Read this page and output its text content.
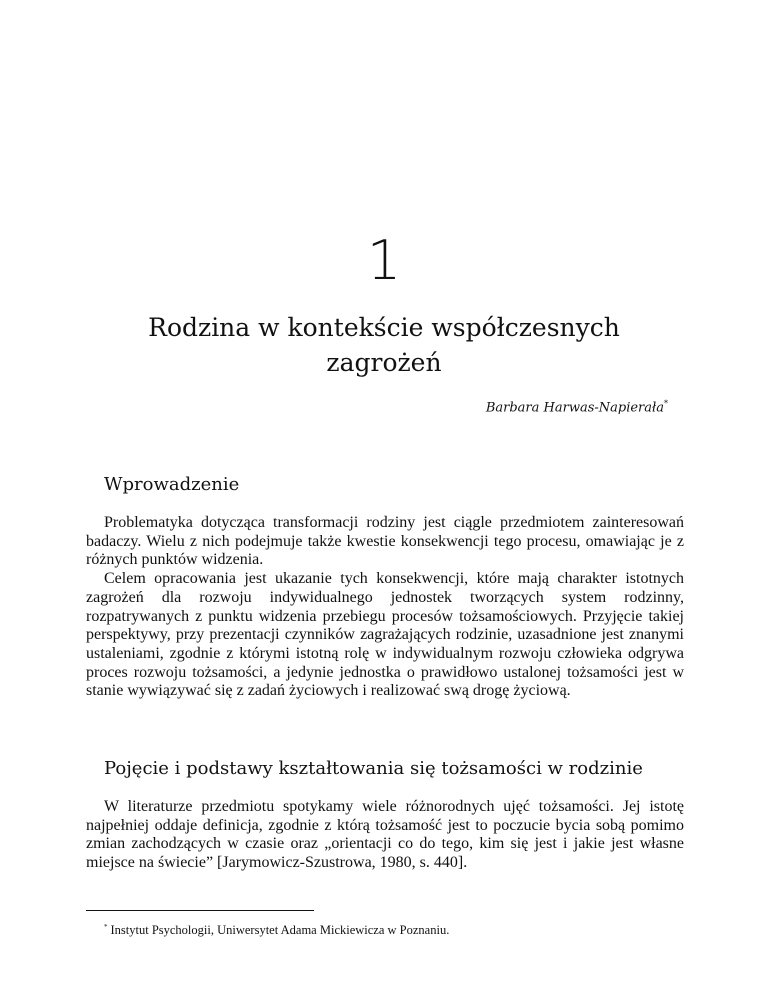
1
Rodzina w kontekście współczesnych zagrożeń
Barbara Harwas-Napierała*
Wprowadzenie

Problematyka dotycząca transformacji rodziny jest ciągle przedmiotem zainteresowań badaczy. Wielu z nich podejmuje także kwestie konsekwencji tego procesu, omawiając je z różnych punktów widzenia.

Celem opracowania jest ukazanie tych konsekwencji, które mają charakter istotnych zagrożeń dla rozwoju indywidualnego jednostek tworzących system rodzinny, rozpatrywanych z punktu widzenia przebiegu procesów tożsamościowych. Przyjęcie takiej perspektywy, przy prezentacji czynników zagrażających rodzinie, uzasadnione jest znanymi ustaleniami, zgodnie z którymi istotną rolę w indywidualnym rozwoju człowieka odgrywa proces rozwoju tożsamości, a jedynie jednostka o prawidłowo ustalonej tożsamości jest w stanie wywiązywać się z zadań życiowych i realizować swą drogę życiową.

Pojęcie i podstawy kształtowania się tożsamości w rodzinie

W literaturze przedmiotu spotykamy wiele różnorodnych ujęć tożsamości. Jej istotę najpełniej oddaje definicja, zgodnie z którą tożsamość jest to poczucie bycia sobą pomimo zmian zachodzących w czasie oraz „orientacji co do tego, kim się jest i jakie jest własne miejsce na świecie” [Jarymowicz-Szustrowa, 1980, s. 440].

* Instytut Psychologii, Uniwersytet Adama Mickiewicza w Poznaniu.
